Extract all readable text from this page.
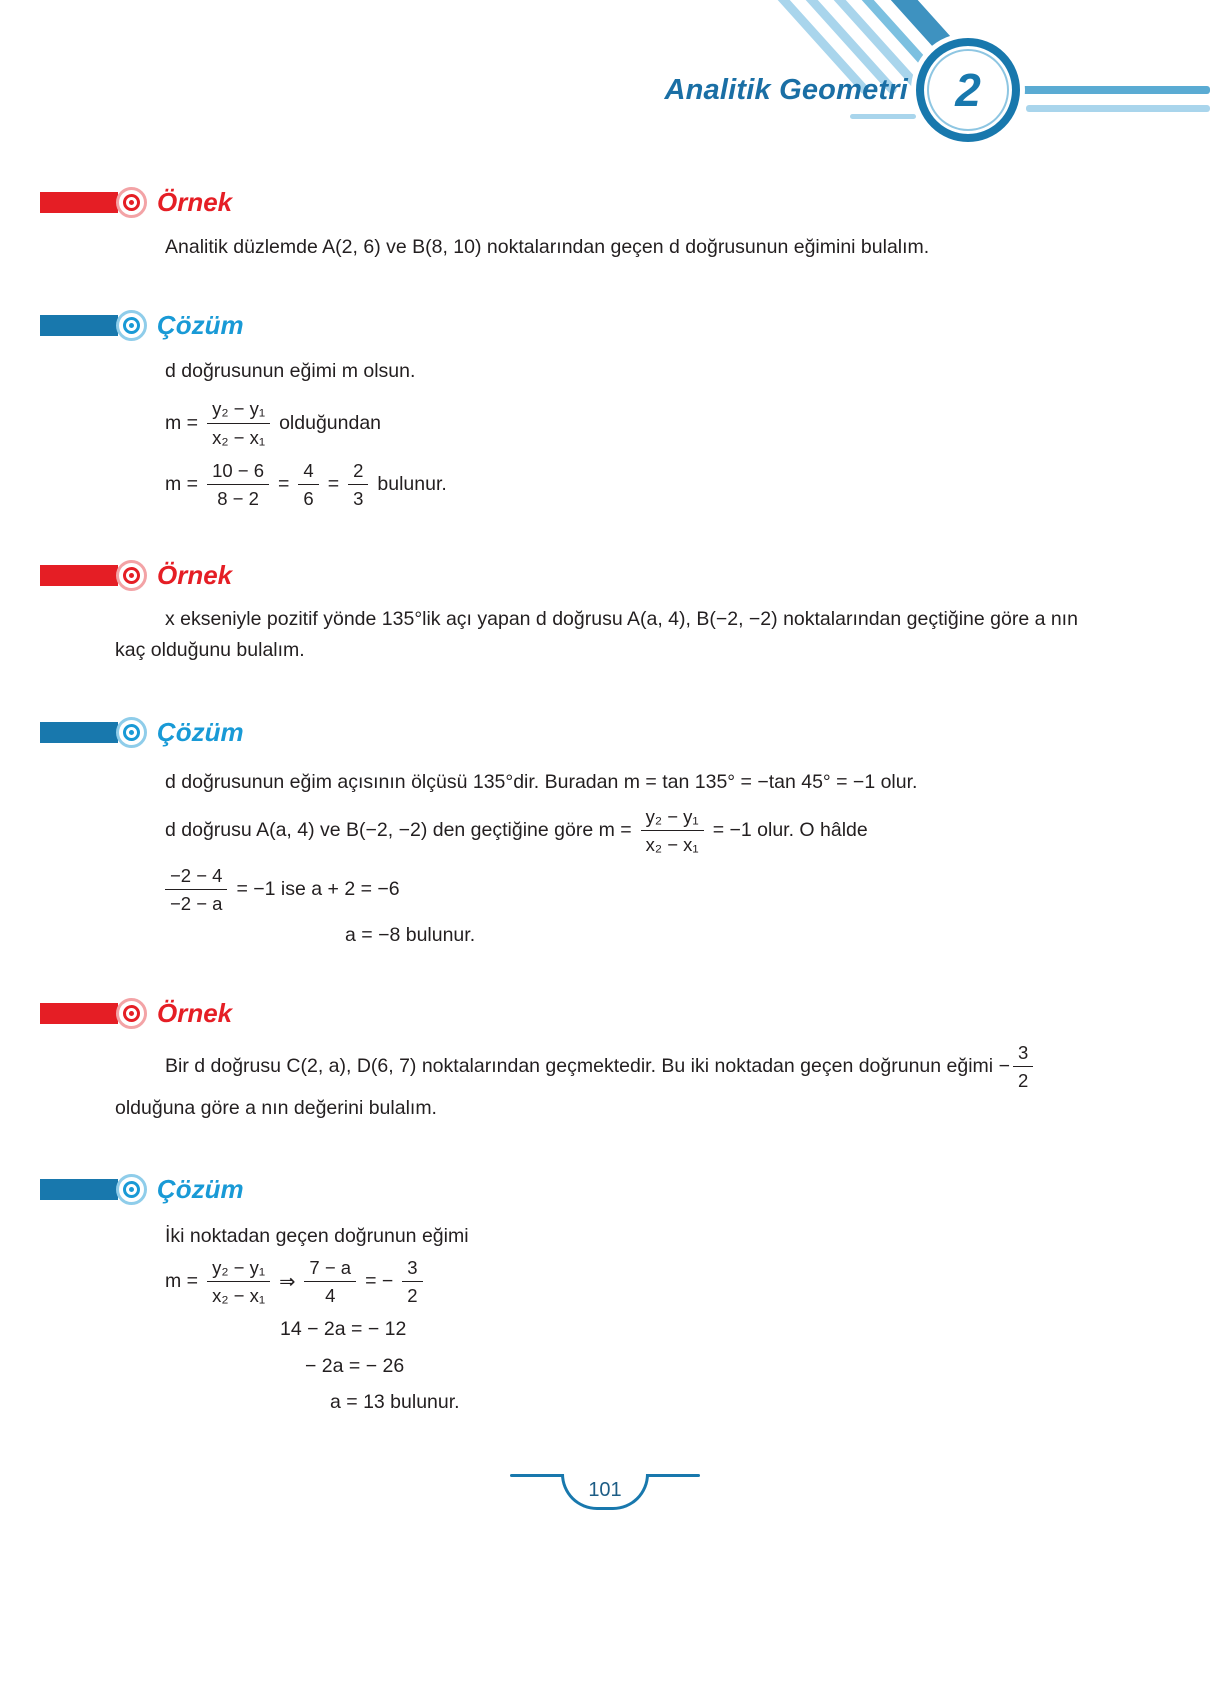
Analitik Geometri 2
Örnek

Analitik düzlemde A(2, 6) ve B(8, 10) noktalarından geçen d doğrusunun eğimini bulalım.

Çözüm

d doğrusunun eğimi m olsun.

$m = \frac{\text{y₂ − y₁}}{\text{x₂ − x₁}}$ olduğundan
$m = \frac{10 - 6}{8 - 2} = \frac{4}{6} = \frac{2}{3}$ bulunur.
Örnek

x ekseniyle pozitif yönde 135°lik açı yapan d doğrusu A(a, 4), B(−2, −2) noktalarından geçtiğine göre a nın kaç olduğunu bulalım.

Çözüm

d doğrusunun eğim açısının ölçüsü 135°dir. Buradan m = tan 135° = −tan 45° = −1 olur.

d doğrusu A(a, 4) ve B(−2, −2) den geçtiğine göre $m = \frac{\text{y₂ − y₁}}{\text{x₂ − x₁}} = -1$ olur. O hâlde
$\frac{-2 - 4}{-2 - a} = -1$ ise a + 2 = −6

a = −8 bulunur.

Örnek

Bir d doğrusu C(2, a), D(6, 7) noktalarından geçmektedir. Bu iki noktadan geçen doğrunun eğimi − $\frac{3}{2}$
olduğuna göre a nın değerini bulalım.

Çözüm

İki noktadan geçen doğrunun eğimi

$m = \frac{\text{y₂ − y₁}}{\text{x₂ − x₁}}$ ⇒ $\frac{7 - a}{4}$ = − $\frac{3}{2}$

14 − 2a = − 12

− 2a = − 26

a = 13 bulunur.

101
